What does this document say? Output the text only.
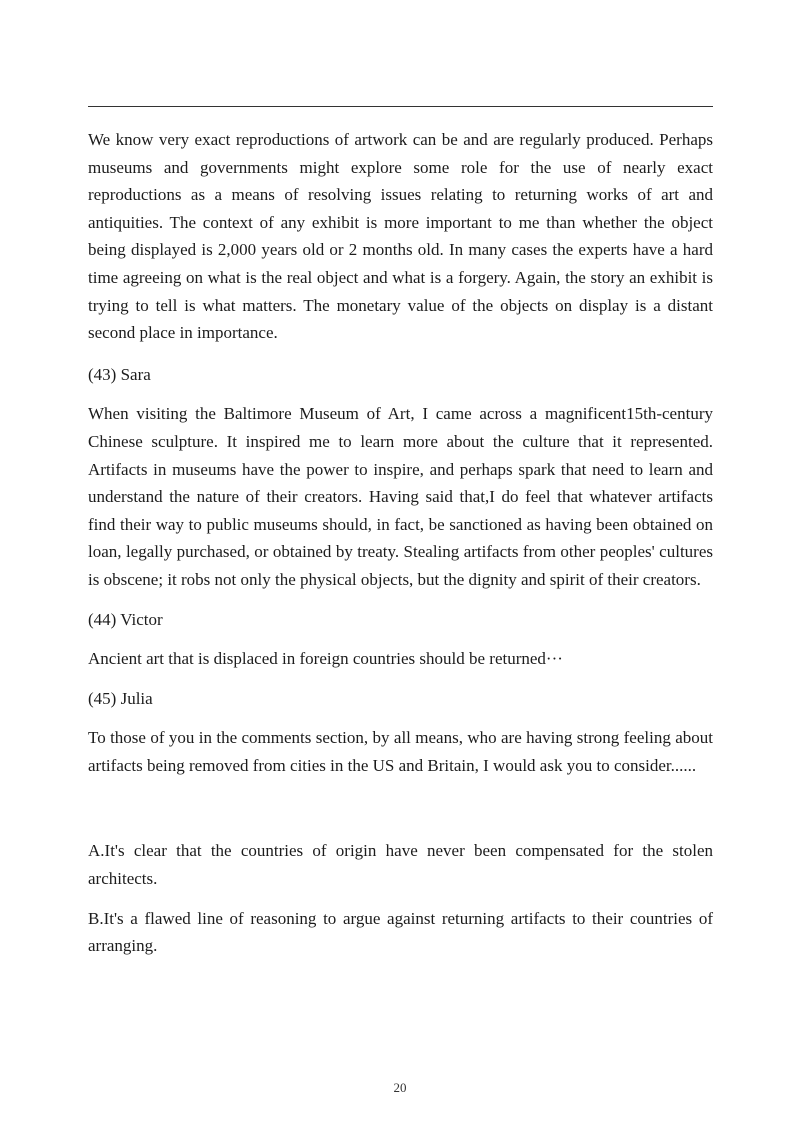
We know very exact reproductions of artwork can be and are regularly produced. Perhaps museums and governments might explore some role for the use of nearly exact reproductions as a means of resolving issues relating to returning works of art and antiquities. The context of any exhibit is more important to me than whether the object being displayed is 2,000 years old or 2 months old. In many cases the experts have a hard time agreeing on what is the real object and what is a forgery. Again, the story an exhibit is trying to tell is what matters. The monetary value of the objects on display is a distant second place in importance.

(43) Sara

When visiting the Baltimore Museum of Art, I came across a magnificent15th-century Chinese sculpture. It inspired me to learn more about the culture that it represented. Artifacts in museums have the power to inspire, and perhaps spark that need to learn and understand the nature of their creators. Having said that,I do feel that whatever artifacts find their way to public museums should, in fact, be sanctioned as having been obtained on loan, legally purchased, or obtained by treaty. Stealing artifacts from other peoples' cultures is obscene; it robs not only the physical objects, but the dignity and spirit of their creators.

(44) Victor

Ancient art that is displaced in foreign countries should be returned···

(45) Julia

To those of you in the comments section, by all means, who are having strong feeling about artifacts being removed from cities in the US and Britain, I would ask you to consider......

A.It's clear that the countries of origin have never been compensated for the stolen architects.

B.It's a flawed line of reasoning to argue against returning artifacts to their countries of arranging.

20
